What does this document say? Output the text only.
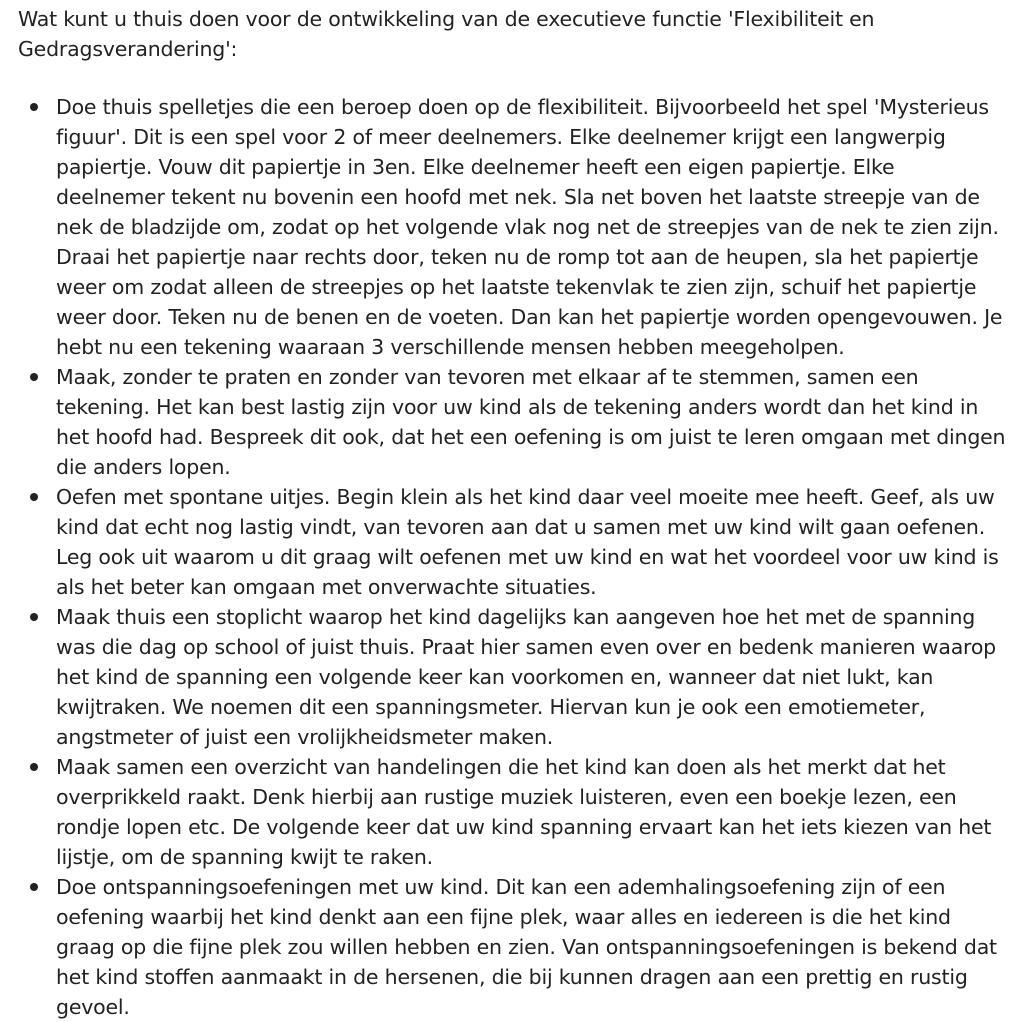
Wat kunt u thuis doen voor de ontwikkeling van de executieve functie 'Flexibiliteit en Gedragsverandering':

Doe thuis spelletjes die een beroep doen op de flexibiliteit. Bijvoorbeeld het spel 'Mysterieus figuur'. Dit is een spel voor 2 of meer deelnemers. Elke deelnemer krijgt een langwerpig papiertje. Vouw dit papiertje in 3en. Elke deelnemer heeft een eigen papiertje. Elke deelnemer tekent nu bovenin een hoofd met nek. Sla net boven het laatste streepje van de nek de bladzijde om, zodat op het volgende vlak nog net de streepjes van de nek te zien zijn. Draai het papiertje naar rechts door, teken nu de romp tot aan de heupen, sla het papiertje weer om zodat alleen de streepjes op het laatste tekenvlak te zien zijn, schuif het papiertje weer door. Teken nu de benen en de voeten. Dan kan het papiertje worden opengevouwen. Je hebt nu een tekening waaraan 3 verschillende mensen hebben meegeholpen.
Maak, zonder te praten en zonder van tevoren met elkaar af te stemmen, samen een tekening. Het kan best lastig zijn voor uw kind als de tekening anders wordt dan het kind in het hoofd had. Bespreek dit ook, dat het een oefening is om juist te leren omgaan met dingen die anders lopen.
Oefen met spontane uitjes. Begin klein als het kind daar veel moeite mee heeft. Geef, als uw kind dat echt nog lastig vindt, van tevoren aan dat u samen met uw kind wilt gaan oefenen. Leg ook uit waarom u dit graag wilt oefenen met uw kind en wat het voordeel voor uw kind is als het beter kan omgaan met onverwachte situaties.
Maak thuis een stoplicht waarop het kind dagelijks kan aangeven hoe het met de spanning was die dag op school of juist thuis. Praat hier samen even over en bedenk manieren waarop het kind de spanning een volgende keer kan voorkomen en, wanneer dat niet lukt, kan kwijtraken. We noemen dit een spanningsmeter. Hiervan kun je ook een emotiemeter, angstmeter of juist een vrolijkheidsmeter maken.
Maak samen een overzicht van handelingen die het kind kan doen als het merkt dat het overprikkeld raakt. Denk hierbij aan rustige muziek luisteren, even een boekje lezen, een rondje lopen etc. De volgende keer dat uw kind spanning ervaart kan het iets kiezen van het lijstje, om de spanning kwijt te raken.
Doe ontspanningsoefeningen met uw kind. Dit kan een ademhalingsoefening zijn of een oefening waarbij het kind denkt aan een fijne plek, waar alles en iedereen is die het kind graag op die fijne plek zou willen hebben en zien. Van ontspanningsoefeningen is bekend dat het kind stoffen aanmaakt in de hersenen, die bij kunnen dragen aan een prettig en rustig gevoel.
